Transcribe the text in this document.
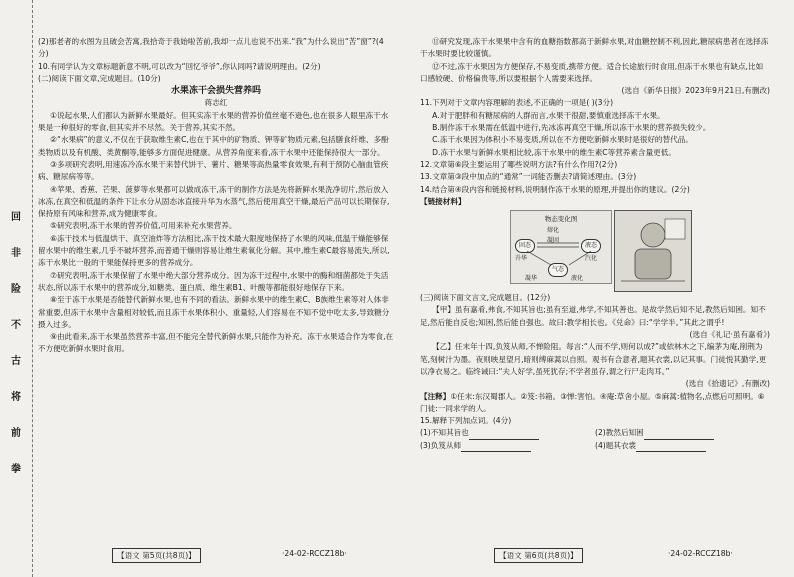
回
非
险
不
古
将
前
拳

(2)那老者的水图为且破会苦寓,我拾奇于我始啦苦前,我却一点儿也说不出来.“我”为什么说出“苦”窗”?(4分)

10.有同学认为文章标题新意不明,可以改为“回忆爷爷”,你认同吗?请说明理由。(2分)

(二)阅读下面文章,完成题目。(10分)

水果冻干会损失营养吗

蒋志红

①说起水果,人们都认为新鲜水果最好。但其实冻干水果的营养价值丝毫不逊色,也在很多人眼里冻干水果是一种很好的零食,但其实并不尽然。关于营养,其实不然。

②“水果病”的意义,不仅在于获取维生素C,也在于其中的矿物质、钾等矿物质元素,包括膳食纤维、多酚类物质以及有机酸、类黄酮等,能够多方面促进健康。从营养角度来看,冻干水果中还能保持很大一部分。

③多项研究表明,用速冻冷冻水果干来替代饼干、薯片、糖果等高热量零食效果,有利于预防心脑血管疾病、糖尿病等等。

④苹果、香蕉、芒果、菠萝等水果都可以做成冻干,冻干的制作方法是先将新鲜水果洗净切片,然后放入冰冻,在真空和低温的条件下让水分从固态冰直接升华为水蒸气,然后使用真空干燥,最后产品可以长期保存,保持原有风味和营养,成为健康零食。

⑤研究表明,冻干水果的营养价值,可用来补充水果营养。

⑥冻干技术与低温烘干、真空油炸等方法相比,冻干技术最大限度地保持了水果的风味,低温干燥能够保留水果中的维生素,几乎不破坏营养,而普通干燥则容易让维生素氧化分解。其中,维生素C最容易流失,所以,冻干水果比一般的干果能保持更多的营养成分。

⑦研究表明,冻干水果保留了水果中绝大部分营养成分。因为冻干过程中,水果中的酶和细菌都处于失活状态,所以冻干水果中的营养成分,如糖类、蛋白质、维生素B1、叶酸等都能很好地保存下来。

⑧至于冻干水果是否能替代新鲜水果,也有不同的看法。新鲜水果中的维生素C、B族维生素等对人体非常重要,但冻干水果中含量相对较低,而且冻干水果体积小、重量轻,人们容易在不知不觉中吃太多,导致糖分摄入过多。

⑨由此看来,冻干水果虽然营养丰富,但不能完全替代新鲜水果,只能作为补充。冻干水果适合作为零食,在不方便吃新鲜水果时食用。

【语文 第5页(共8页)】	·24-02-RCCZ18b·

⑪研究发现,冻干水果果中含有的血糖指数都高于新鲜水果,对血糖控制不利,因此,糖尿病患者在选择冻干水果时要比较谨慎。

⑫不过,冻干水果因为方便保存,不易变质,携带方便。适合长途旅行时食用,但冻干水果也有缺点,比如口感较硬、价格偏贵等,所以要根据个人需要来选择。

(选自《新华日报》2023年9月21日,有删改)

11.下列对于文章内容理解的表述,不正确的一项是( )(3分)

A.对于肥胖和有糖尿病的人群而言,水果干很甜,要慎重选择冻干水果。

B.制作冻干水果需在低温中进行,先冰冻再真空干燥,所以冻干水果的营养损失较少。

C.冻干水果因为体积小不易变质,所以在不方便吃新鲜水果时是很好的替代品。

D.冻干水果与新鲜水果相比较,冻干水果中的维生素C等营养素含量更低。

12.文章第⑥段主要运用了哪些说明方法?有什么作用?(2分)

13.文章第③段中加点的“通常”一词能否删去?请简述理由。(3分)

14.结合第④段内容和链接材料,说明制作冻干水果的原理,并提出你的建议。(2分)

【链接材料】

物态变化图
固态	液态
气态
熔化
凝固
汽化
液化
升华
凝华

(三)阅读下面文言文,完成题目。(12分)

【甲】虽有嘉肴,弗食,不知其旨也;虽有至道,弗学,不知其善也。是故学然后知不足,教然后知困。知不足,然后能自反也;知困,然后能自强也。故曰:教学相长也。《兑命》曰:“学学半。”其此之谓乎!

(选自《礼记·虽有嘉肴》)

【乙】任末年十四,负笈从师,不惮险阻。每言:“人而不学,则何以成?”或依林木之下,编茅为庵,削荆为笔,刻树汁为墨。夜则映星望月,暗则缚麻蒿以自照。观书有合意者,题其衣裳,以记其事。门徒悦其勤学,更以净衣易之。临终诫曰:“夫人好学,虽死犹存;不学者虽存,谓之行尸走肉耳。”

(选自《拾遗记》,有删改)

【注释】①任末:东汉蜀郡人。②笈:书箱。③惮:害怕。④庵:草舍小屋。⑤麻蒿:植物名,点燃后可照明。⑥门徒:一同求学的人。

15.解释下列加点词。(4分)

(1)不知其旨也	(2)教然后知困
(3)负笈从师	(4)题其衣裳
【语文 第6页(共8页)】	·24-02-RCCZ18b·
